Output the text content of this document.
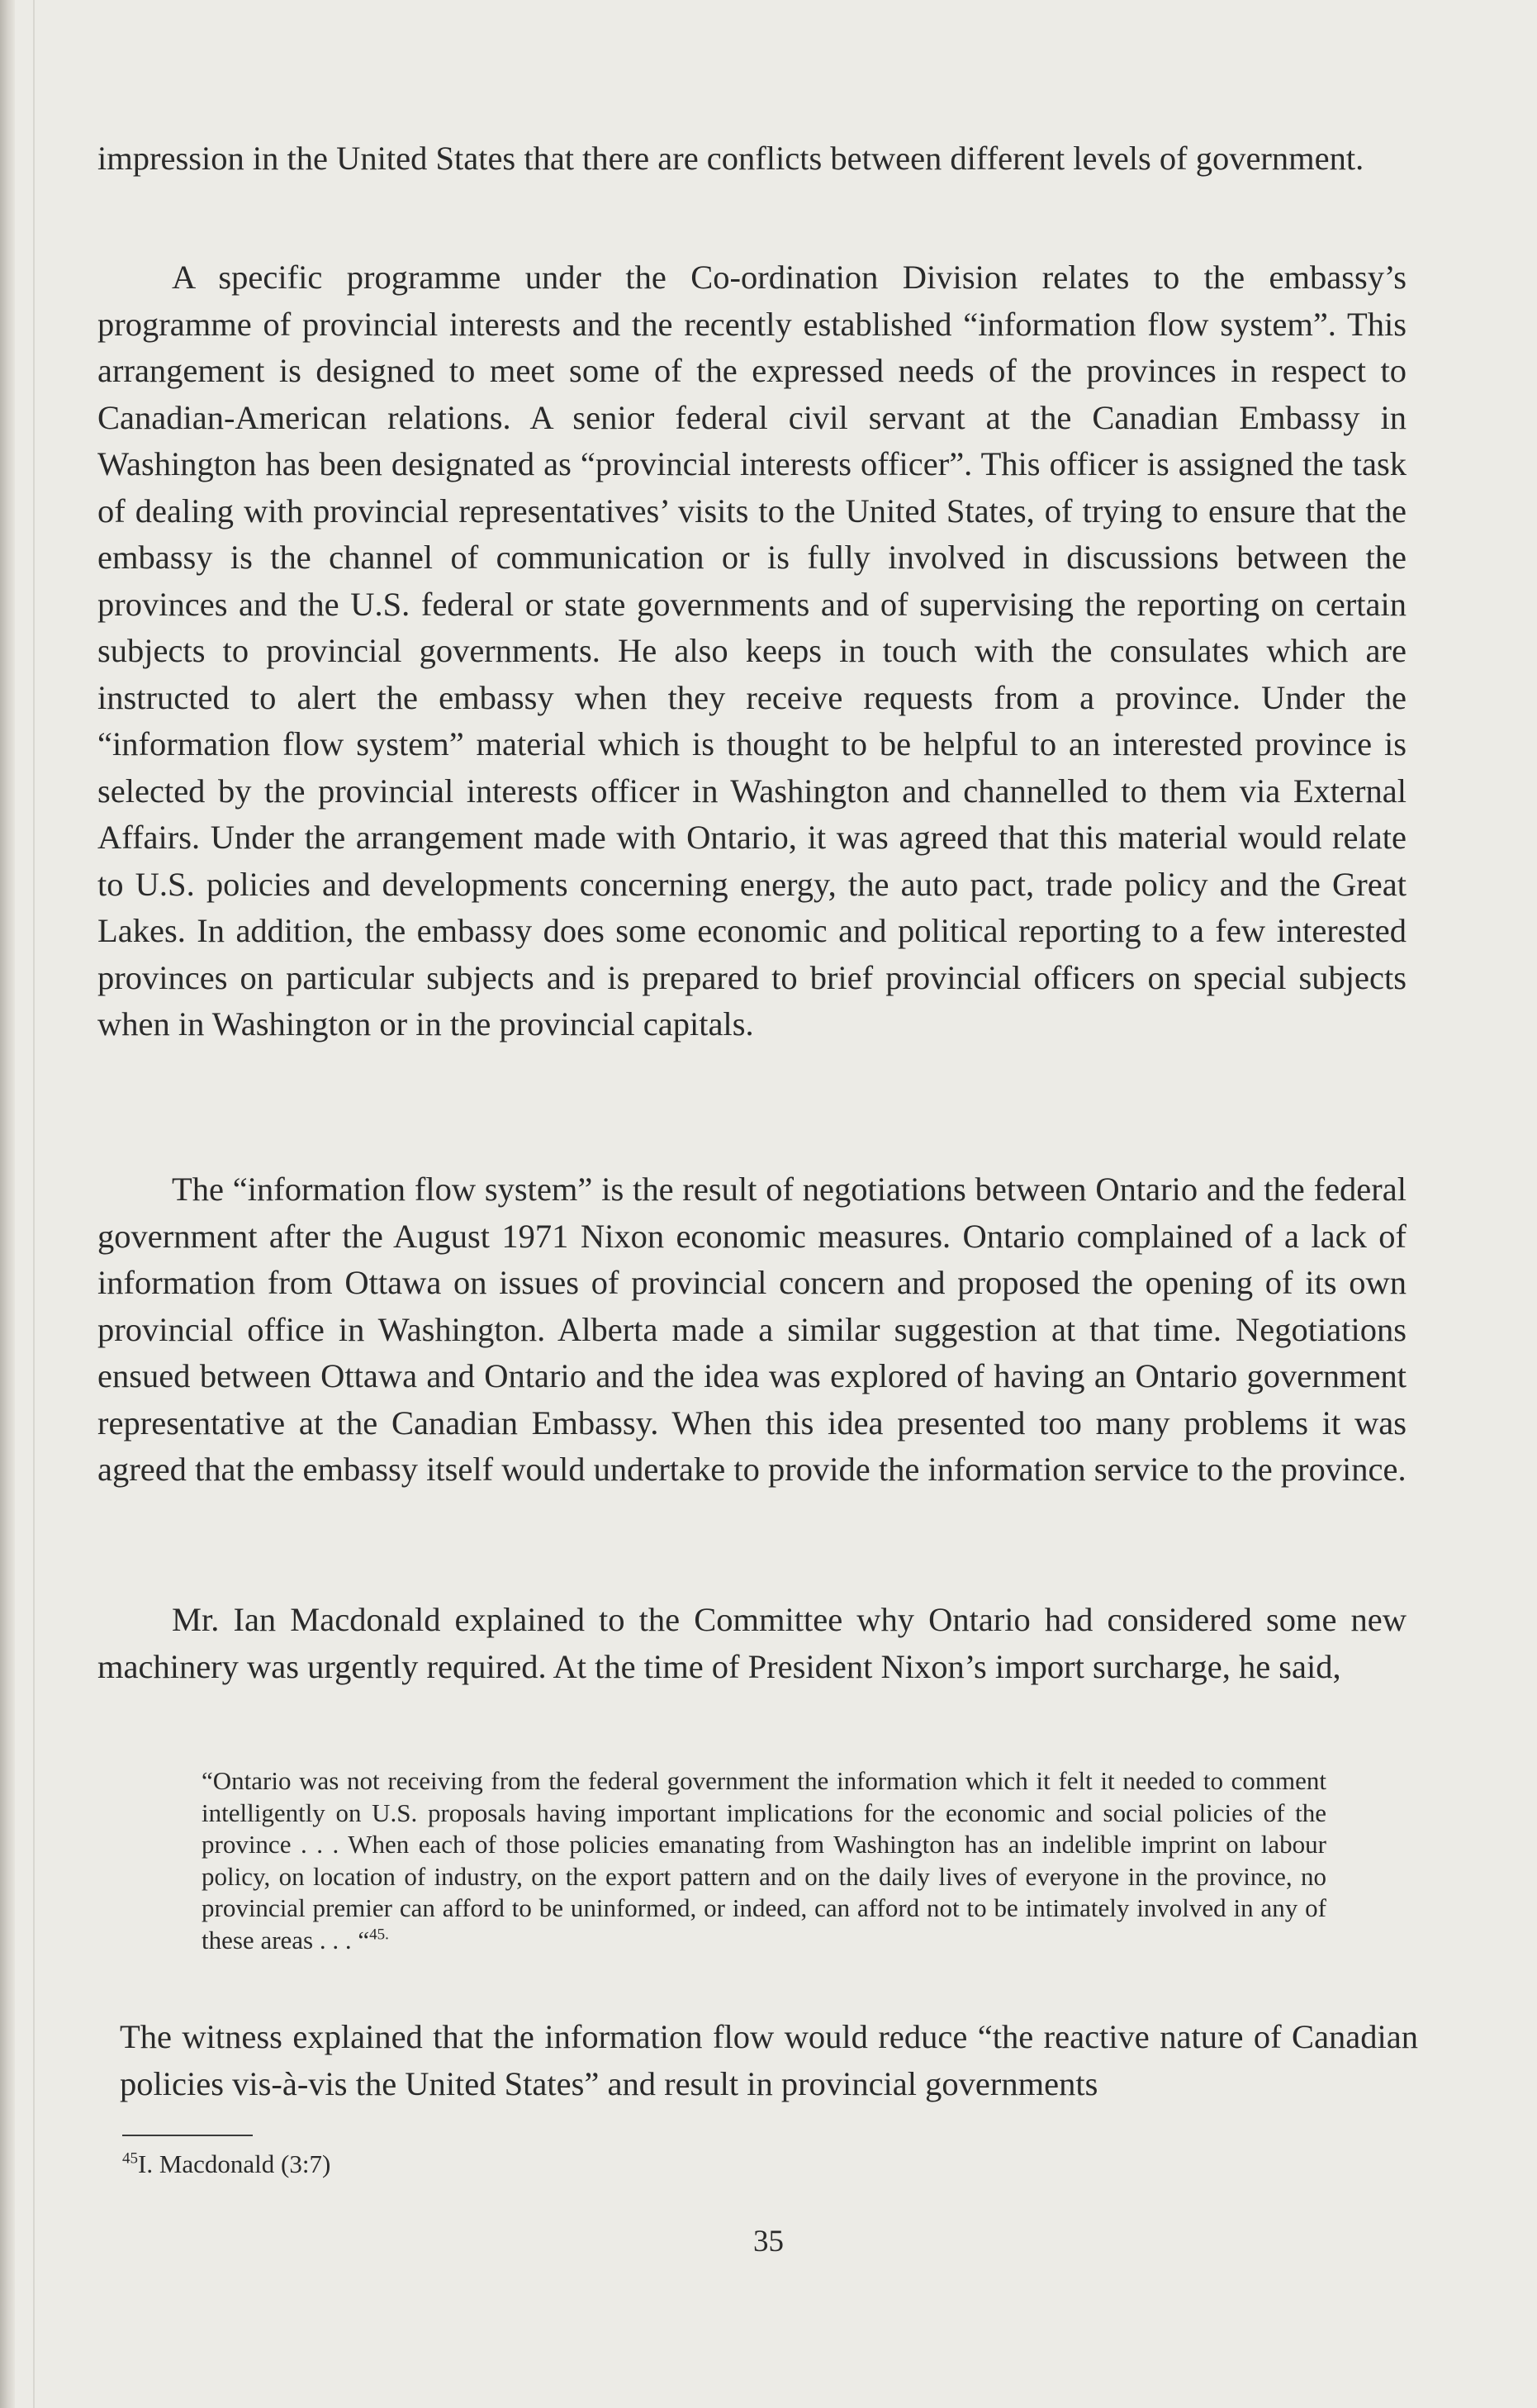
impression in the United States that there are conflicts between different levels of government.

A specific programme under the Co-ordination Division relates to the embassy’s programme of provincial interests and the recently established “information flow system”. This arrangement is designed to meet some of the expressed needs of the provinces in respect to Canadian-American relations. A senior federal civil servant at the Canadian Embassy in Washington has been designated as “provincial interests officer”. This officer is assigned the task of dealing with provincial representatives’ visits to the United States, of trying to ensure that the embassy is the channel of communication or is fully involved in discussions between the provinces and the U.S. federal or state governments and of supervising the reporting on certain subjects to provincial governments. He also keeps in touch with the consulates which are instructed to alert the embassy when they receive requests from a province. Under the “information flow system” material which is thought to be helpful to an interested province is selected by the provincial interests officer in Washington and channelled to them via External Affairs. Under the arrangement made with Ontario, it was agreed that this material would relate to U.S. policies and developments concerning energy, the auto pact, trade policy and the Great Lakes. In addition, the embassy does some economic and political reporting to a few interested provinces on particular subjects and is prepared to brief provincial officers on special subjects when in Washington or in the provincial capitals.

The “information flow system” is the result of negotiations between Ontario and the federal government after the August 1971 Nixon economic measures. Ontario complained of a lack of information from Ottawa on issues of provincial concern and proposed the opening of its own provincial office in Washington. Alberta made a similar suggestion at that time. Negotiations ensued between Ottawa and Ontario and the idea was explored of having an Ontario government representative at the Canadian Embassy. When this idea presented too many problems it was agreed that the embassy itself would undertake to provide the information service to the province.

Mr. Ian Macdonald explained to the Committee why Ontario had considered some new machinery was urgently required. At the time of President Nixon’s import surcharge, he said,

“Ontario was not receiving from the federal government the information which it felt it needed to comment intelligently on U.S. proposals having important implications for the economic and social policies of the province . . . When each of those policies emanating from Washington has an indelible imprint on labour policy, on location of industry, on the export pattern and on the daily lives of everyone in the province, no provincial premier can afford to be uninformed, or indeed, can afford not to be intimately involved in any of these areas . . . “$^{45.}$

The witness explained that the information flow would reduce “the reactive nature of Canadian policies vis-à-vis the United States” and result in provincial governments

$^{45}$I. Macdonald (3:7)

35
